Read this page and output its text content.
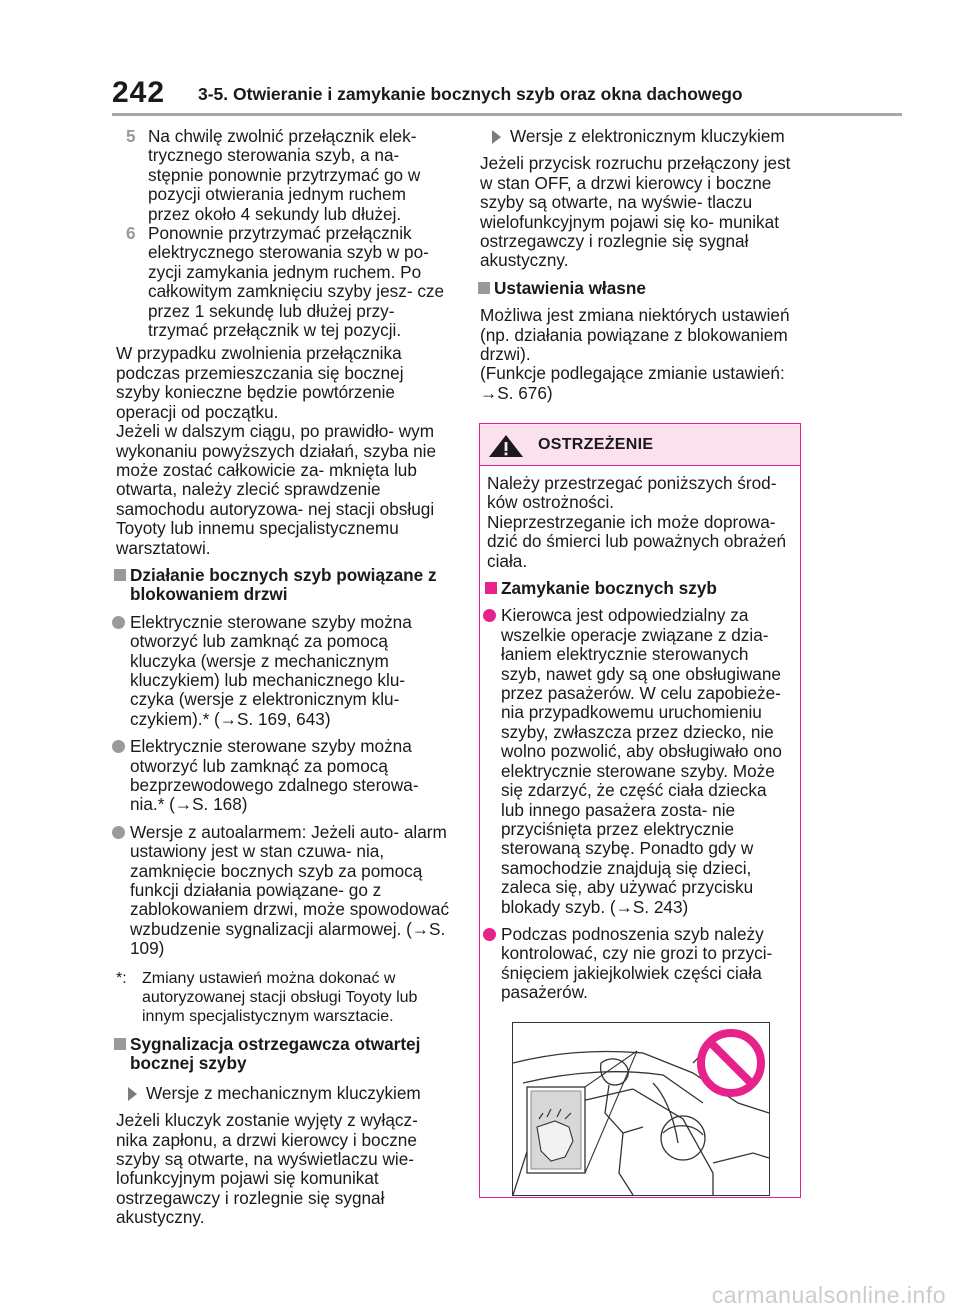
242 3-5. Otwieranie i zamykanie bocznych szyb oraz okna dachowego
5 Na chwilę zwolnić przełącznik elek- trycznego sterowania szyb, a na- stępnie ponownie przytrzymać go w pozycji otwierania jednym ruchem przez około 4 sekundy lub dłużej.
6 Ponownie przytrzymać przełącznik elektrycznego sterowania szyb w po- zycji zamykania jednym ruchem. Po całkowitym zamknięciu szyby jesz- cze przez 1 sekundę lub dłużej przy- trzymać przełącznik w tej pozycji.
W przypadku zwolnienia przełącznika podczas przemieszczania się bocznej szyby konieczne będzie powtórzenie operacji od początku.
Jeżeli w dalszym ciągu, po prawidło- wym wykonaniu powyższych działań, szyba nie może zostać całkowicie za- mknięta lub otwarta, należy zlecić sprawdzenie samochodu autoryzowa- nej stacji obsługi Toyoty lub innemu specjalistycznemu warsztatowi.
Działanie bocznych szyb powiązane z blokowaniem drzwi
Elektrycznie sterowane szyby można otworzyć lub zamknąć za pomocą kluczyka (wersje z mechanicznym kluczykiem) lub mechanicznego klu- czyka (wersje z elektronicznym klu- czykiem).* (→S. 169, 643)
Elektrycznie sterowane szyby można otworzyć lub zamknąć za pomocą bezprzewodowego zdalnego sterowa- nia.* (→S. 168)
Wersje z autoalarmem: Jeżeli auto- alarm ustawiony jest w stan czuwa- nia, zamknięcie bocznych szyb za pomocą funkcji działania powiązane- go z zablokowaniem drzwi, może spowodować wzbudzenie sygnalizacji alarmowej. (→S. 109)
*: Zmiany ustawień można dokonać w autoryzowanej stacji obsługi Toyoty lub innym specjalistycznym warsztacie.
Sygnalizacja ostrzegawcza otwartej bocznej szyby
Wersje z mechanicznym kluczykiem
Jeżeli kluczyk zostanie wyjęty z wyłącz- nika zapłonu, a drzwi kierowcy i boczne szyby są otwarte, na wyświetlaczu wie- lofunkcyjnym pojawi się komunikat ostrzegawczy i rozlegnie się sygnał akustyczny.
Wersje z elektronicznym kluczykiem
Jeżeli przycisk rozruchu przełączony jest w stan OFF, a drzwi kierowcy i boczne szyby są otwarte, na wyświe- tlaczu wielofunkcyjnym pojawi się ko- munikat ostrzegawczy i rozlegnie się sygnał akustyczny.
Ustawienia własne
Możliwa jest zmiana niektórych ustawień (np. działania powiązane z blokowaniem drzwi).
(Funkcje podlegające zmianie ustawień: →S. 676)
OSTRZEŻENIE
Należy przestrzegać poniższych środ- ków ostrożności.
Nieprzestrzeganie ich może doprowa- dzić do śmierci lub poważnych obrażeń ciała.
Zamykanie bocznych szyb
Kierowca jest odpowiedzialny za wszelkie operacje związane z dzia- łaniem elektrycznie sterowanych szyb, nawet gdy są one obsługiwane przez pasażerów. W celu zapobieże- nia przypadkowemu uruchomieniu szyby, zwłaszcza przez dziecko, nie wolno pozwolić, aby obsługiwało ono elektrycznie sterowane szyby. Może się zdarzyć, że część ciała dziecka lub innego pasażera zosta- nie przyciśnięta przez elektrycznie sterowaną szybę. Ponadto gdy w samochodzie znajdują się dzieci, zaleca się, aby używać przycisku blokady szyb. (→S. 243)
Podczas podnoszenia szyb należy kontrolować, czy nie grozi to przyci- śnięciem jakiejkolwiek części ciała pasażerów.
carmanualsonline.info
